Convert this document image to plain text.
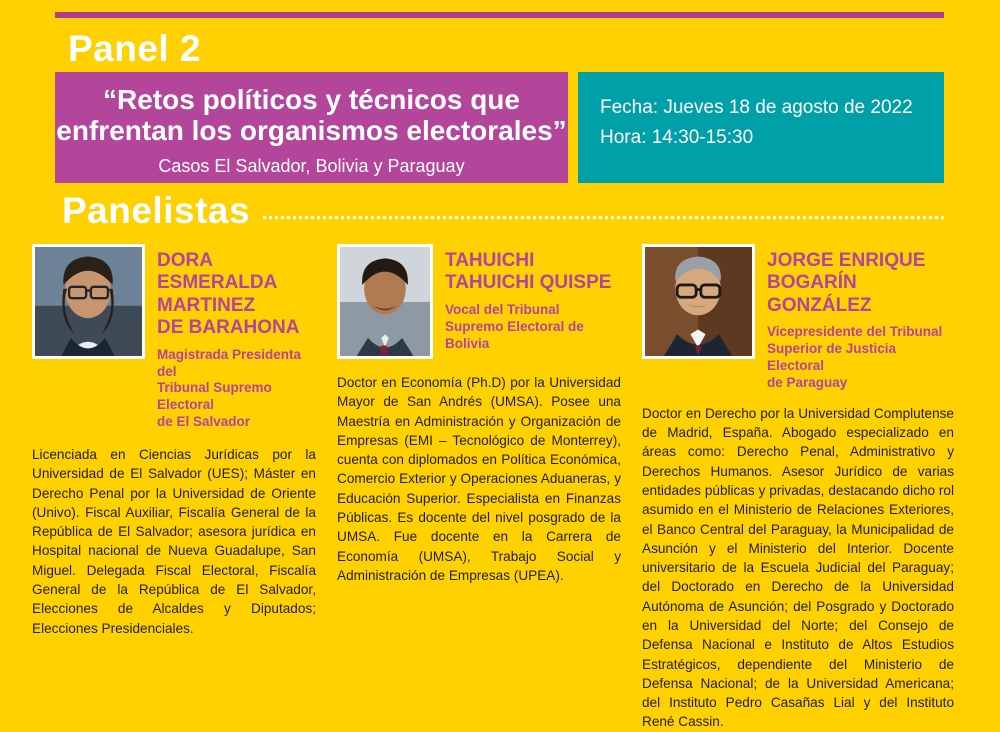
Panel 2
“Retos políticos y técnicos que
enfrentan los organismos electorales”
Casos El Salvador, Bolivia y Paraguay
Fecha: Jueves 18 de agosto de 2022
Hora: 14:30-15:30
Panelistas
DORA ESMERALDA
MARTINEZ
DE BARAHONA
Magistrada Presidenta del
Tribunal Supremo Electoral
de El Salvador
Licenciada en Ciencias Jurídicas por la Universidad de El Salvador (UES); Máster en Derecho Penal por la Universidad de Oriente (Univo). Fiscal Auxiliar, Fiscalía General de la República de El Salvador; asesora jurídica en Hospital nacional de Nueva Guadalupe, San Miguel. Delegada Fiscal Electoral, Fiscalía General de la República de El Salvador, Elecciones de Alcaldes y Diputados; Elecciones Presidenciales.
TAHUICHI
TAHUICHI QUISPE
Vocal del Tribunal
Supremo Electoral de Bolivia
Doctor en Economía (Ph.D) por la Universidad Mayor de San Andrés (UMSA). Posee una Maestría en Administración y Organización de Empresas (EMI – Tecnológico de Monterrey), cuenta con diplomados en Política Económica, Comercio Exterior y Operaciones Aduaneras, y Educación Superior. Especialista en Finanzas Públicas. Es docente del nivel posgrado de la UMSA. Fue docente en la Carrera de Economía (UMSA), Trabajo Social y Administración de Empresas (UPEA).
JORGE ENRIQUE
BOGARÍN GONZÁLEZ
Vicepresidente del Tribunal
Superior de Justicia Electoral
de Paraguay
Doctor en Derecho por la Universidad Complutense de Madrid, España. Abogado especializado en áreas como: Derecho Penal, Administrativo y Derechos Humanos. Asesor Jurídico de varias entidades públicas y privadas, destacando dicho rol asumido en el Ministerio de Relaciones Exteriores, el Banco Central del Paraguay, la Municipalidad de Asunción y el Ministerio del Interior. Docente universitario de la Escuela Judicial del Paraguay; del Doctorado en Derecho de la Universidad Autónoma de Asunción; del Posgrado y Doctorado en la Universidad del Norte; del Consejo de Defensa Nacional e Instituto de Altos Estudios Estratégicos, dependiente del Ministerio de Defensa Nacional; de la Universidad Americana; del Instituto Pedro Casañas Lial y del Instituto René Cassin.
